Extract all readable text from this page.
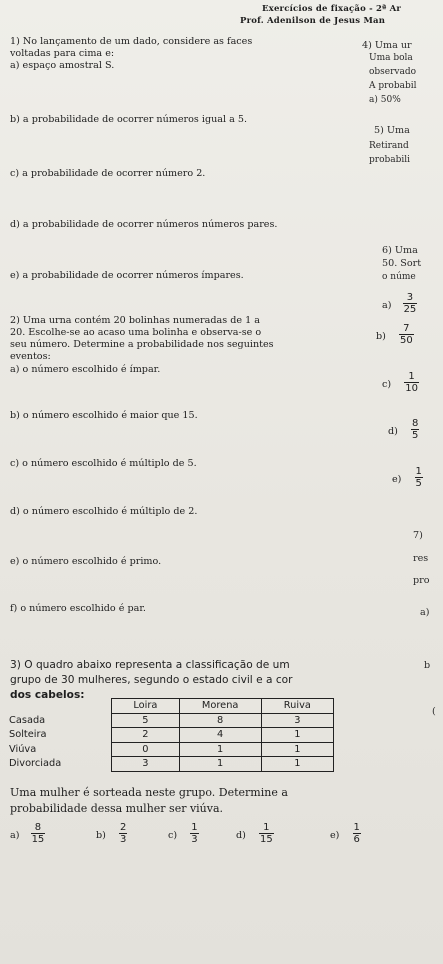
Exercícios de fixação - 2ª Ar
Prof. Adenilson de Jesus Man
1) No lançamento de um dado, considere as faces
voltadas para cima e:
a) espaço amostral S.
b) a probabilidade de ocorrer números igual a 5.
c) a probabilidade de ocorrer número 2.
d) a probabilidade de ocorrer números números pares.
e) a probabilidade de ocorrer números ímpares.
2) Uma urna contém 20 bolinhas numeradas de 1 a
20. Escolhe-se ao acaso uma bolinha e observa-se o
seu número. Determine a probabilidade nos seguintes
eventos:
a) o número escolhido é ímpar.
b) o número escolhido é maior que 15.
c) o número escolhido é múltiplo de 5.
d) o número escolhido é múltiplo de 2.
e) o número escolhido é primo.
f) o número escolhido é par.
3) O quadro abaixo representa a classificação de um
grupo de 30 mulheres, segundo o estado civil e a cor
dos cabelos:
	Loira	Morena	Ruiva
Casada	5	8	3
Solteira	2	4	1
Viúva	0	1	1
Divorciada	3	1	1
Uma mulher é sorteada neste grupo. Determine a
probabilidade dessa mulher ser viúva.
$a) \frac{8}{15}$	$b) \frac{2}{3}$	$c) \frac{1}{3}$	$d) \frac{1}{15}$	$e) \frac{1}{6}$
4) Uma ur
Uma bola
observado
A probabil
a) 50%
5) Uma
Retirand
probabili
6) Uma
50. Sort
o núme
$a) \frac{3}{25}$
$b) \frac{7}{50}$
$c) \frac{1}{10}$
$d) \frac{8}{5}$
$e) \frac{1}{5}$
7)
res
pro
a)
b
(
